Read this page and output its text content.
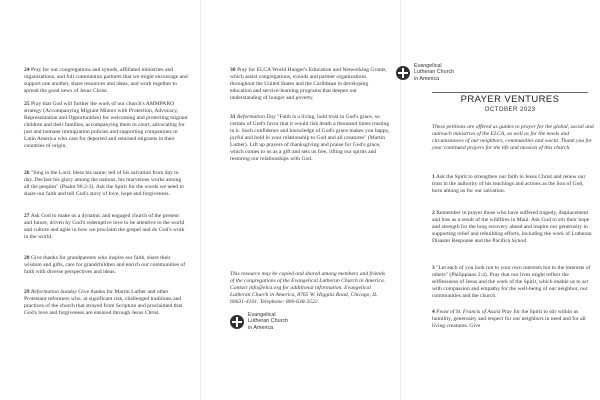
24 Pray for our congregations and synods, affiliated ministries and organizations, and full communion partners that we might encourage and support one another, share resources and ideas, and work together to spread the good news of Jesus Christ.

25 Pray that God will further the work of our church's AMMPARO strategy (Accompanying Migrant Minors with Protection, Advocacy, Representation and Opportunities) for welcoming and protecting migrant children and their families, accompanying them in court, advocating for just and humane immigration policies and supporting companions in Latin America who care for deported and returned migrants in their countries of origin.

26 "Sing to the Lord; bless his name; tell of his salvation from day to day. Declare his glory among the nations, his marvelous works among all the peoples" (Psalm 96:2-3). Ask the Spirit for the words we need to share our faith and tell God's story of love, hope and forgiveness.

27 Ask God to make us a dynamic and engaged church of the present and future, driven by God's redemptive love to be attentive to the world and culture and agile in how we proclaim the gospel and do God's work in the world.

28 Give thanks for grandparents who inspire our faith, share their wisdom and gifts, care for grandchildren and enrich our communities of faith with diverse perspectives and ideas.

29 Reformation Sunday Give thanks for Martin Luther and other Protestant reformers who, at significant risk, challenged traditions and practices of the church that strayed from Scripture and proclaimed that God's love and forgiveness are ensured through Jesus Christ.

30 Pray for ELCA World Hunger's Education and Networking Grants, which assist congregations, synods and partner organizations throughout the United States and the Caribbean in developing education and service-learning programs that deepen our understanding of hunger and poverty.

31 Reformation Day "Faith is a living, bold trust in God's grace, so certain of God's favor that it would risk death a thousand times trusting in it. Such confidence and knowledge of God's grace makes you happy, joyful and bold in your relationship to God and all creatures" (Martin Luther). Lift up prayers of thanksgiving and praise for God's grace, which comes to us as a gift and sets us free, lifting our spirits and restoring our relationships with God.

This resource may be copied and shared among members and friends of the congregations of the Evangelical Lutheran Church in America. Contact info@elca.org for additional information. Evangelical Lutheran Church in America, 8765 W. Higgins Road, Chicago, IL 60631-4101. Telephone: 800-638-3522.

Evangelical
Lutheran Church
in America
Evangelical
Lutheran Church
in America
PRAYER VENTURES
OCTOBER 2023

These petitions are offered as guides to prayer for the global, social and outreach ministries of the ELCA, as well as for the needs and circumstances of our neighbors, communities and world. Thank you for your continued prayers for the life and mission of this church.

1 Ask the Spirit to strengthen our faith in Jesus Christ and renew our trust in the authority of his teachings and actions as the Son of God, born among us for our salvation.

2 Remember in prayer those who have suffered tragedy, displacement and loss as a result of the wildfires in Maui. Ask God to stir their hope and strength for the long recovery ahead and inspire our generosity in supporting relief and rebuilding efforts, including the work of Lutheran Disaster Response and the Pacifica Synod.

3 "Let each of you look not to your own interests but to the interests of others" (Philippians 2:4). Pray that our lives might reflect the selflessness of Jesus and the work of the Spirit, which enable us to act with compassion and empathy for the well-being of our neighbor, our communities and the church.

4 Feast of St. Francis of Assisi Pray for the Spirit to stir within us humility, generosity and respect for our neighbors in need and for all living creatures. Give
